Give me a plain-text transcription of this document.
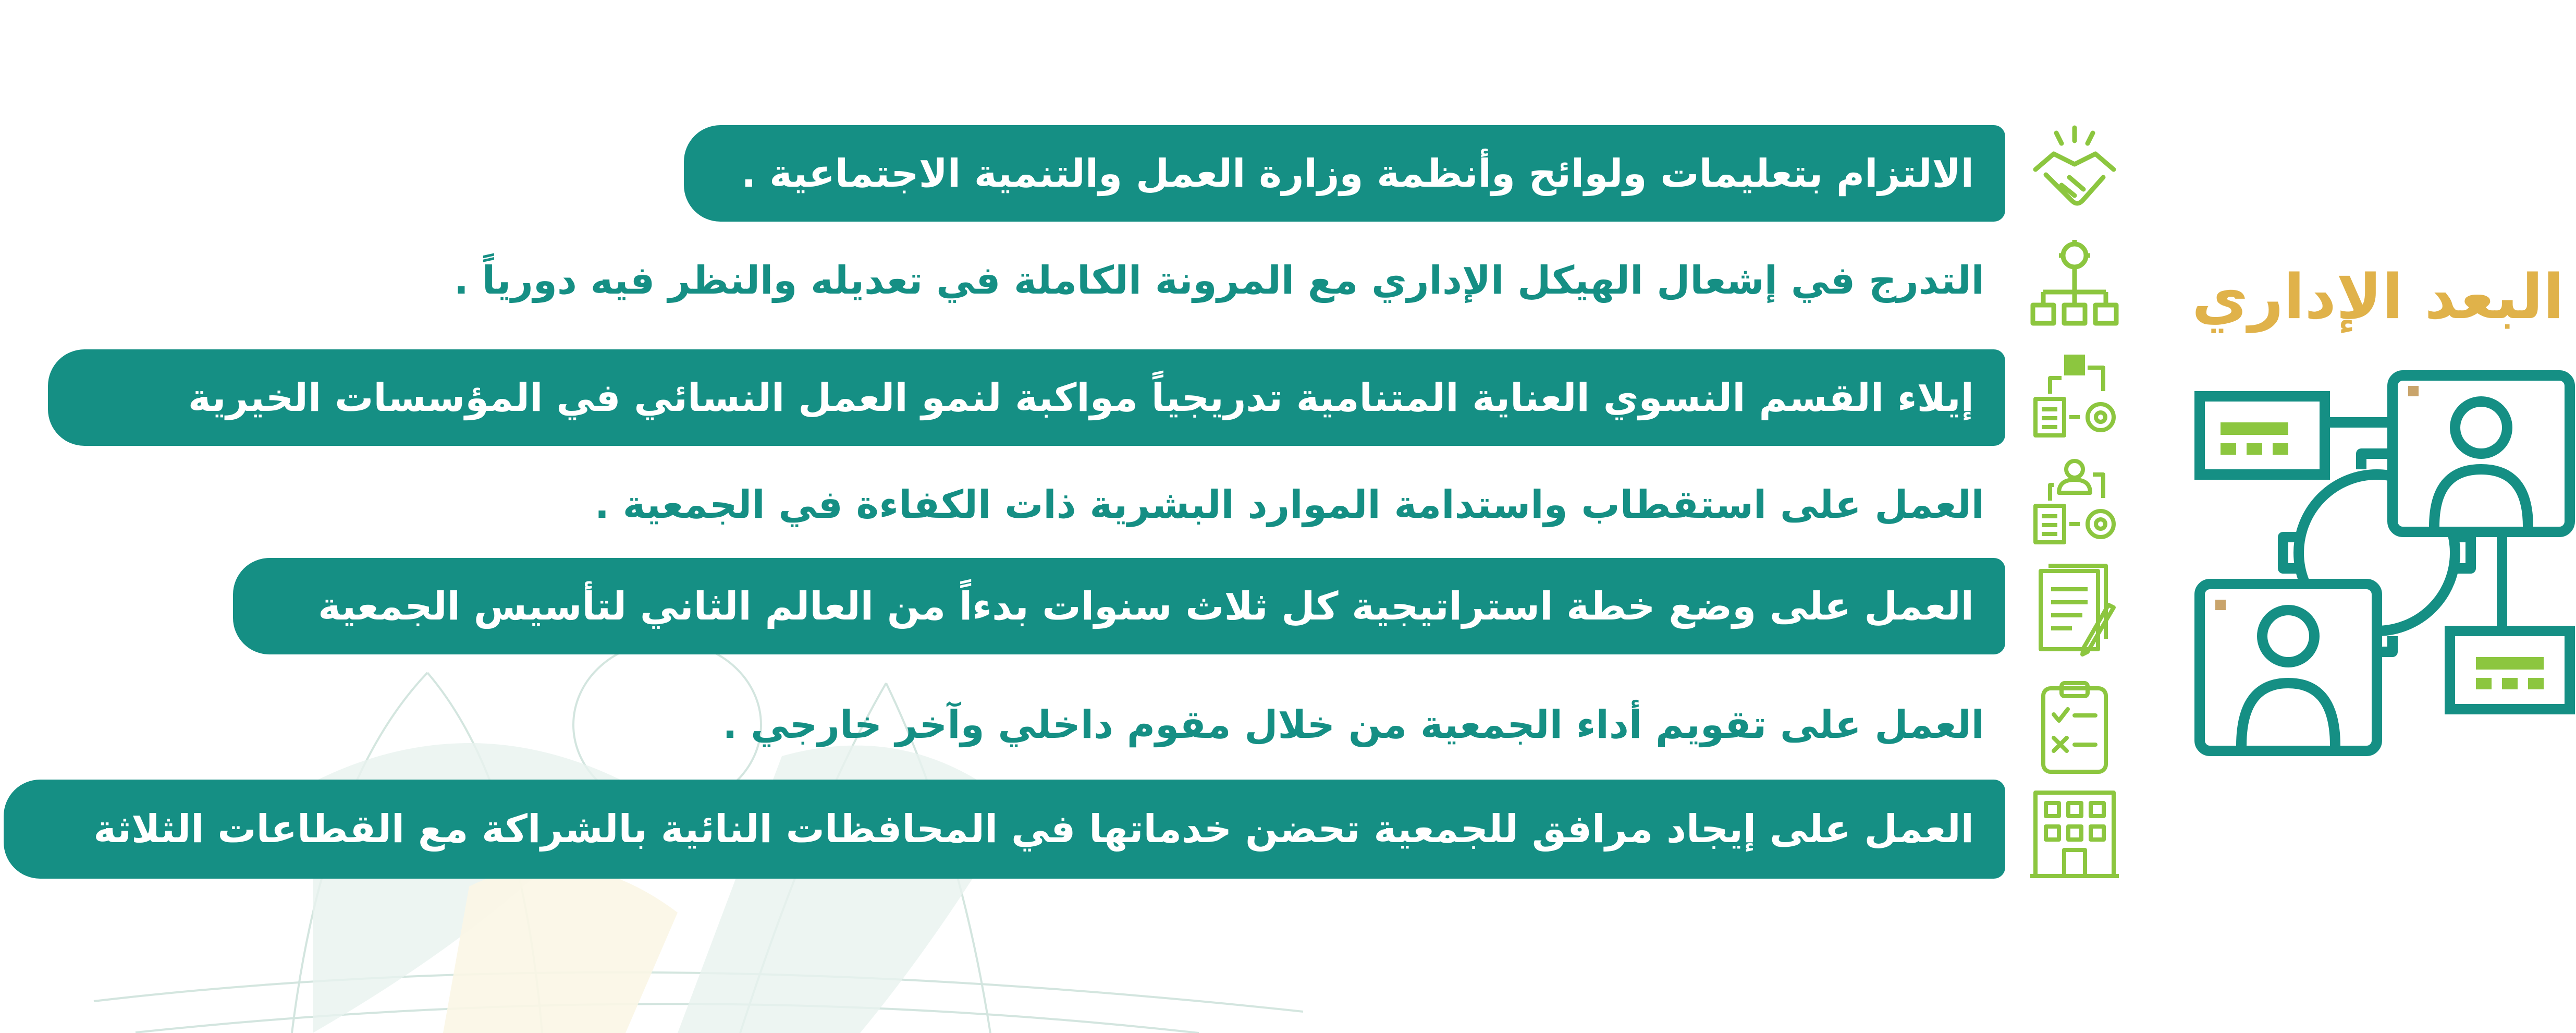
البعد الإداري
الالتزام بتعليمات ولوائح وأنظمة وزارة العمل والتنمية الاجتماعية .
التدرج في إشعال الهيكل الإداري مع المرونة الكاملة في تعديله والنظر فيه دورياً .
إيلاء القسم النسوي العناية المتنامية تدريجياً مواكبة لنمو العمل النسائي في المؤسسات الخيرية
العمل على استقطاب واستدامة الموارد البشرية ذات الكفاءة في الجمعية .
العمل على وضع خطة استراتيجية كل ثلاث سنوات بدءاً من العالم الثاني لتأسيس الجمعية
العمل على تقويم أداء الجمعية من خلال مقوم داخلي وآخر خارجي .
العمل على إيجاد مرافق للجمعية تحضن خدماتها في المحافظات النائية بالشراكة مع القطاعات الثلاثة
